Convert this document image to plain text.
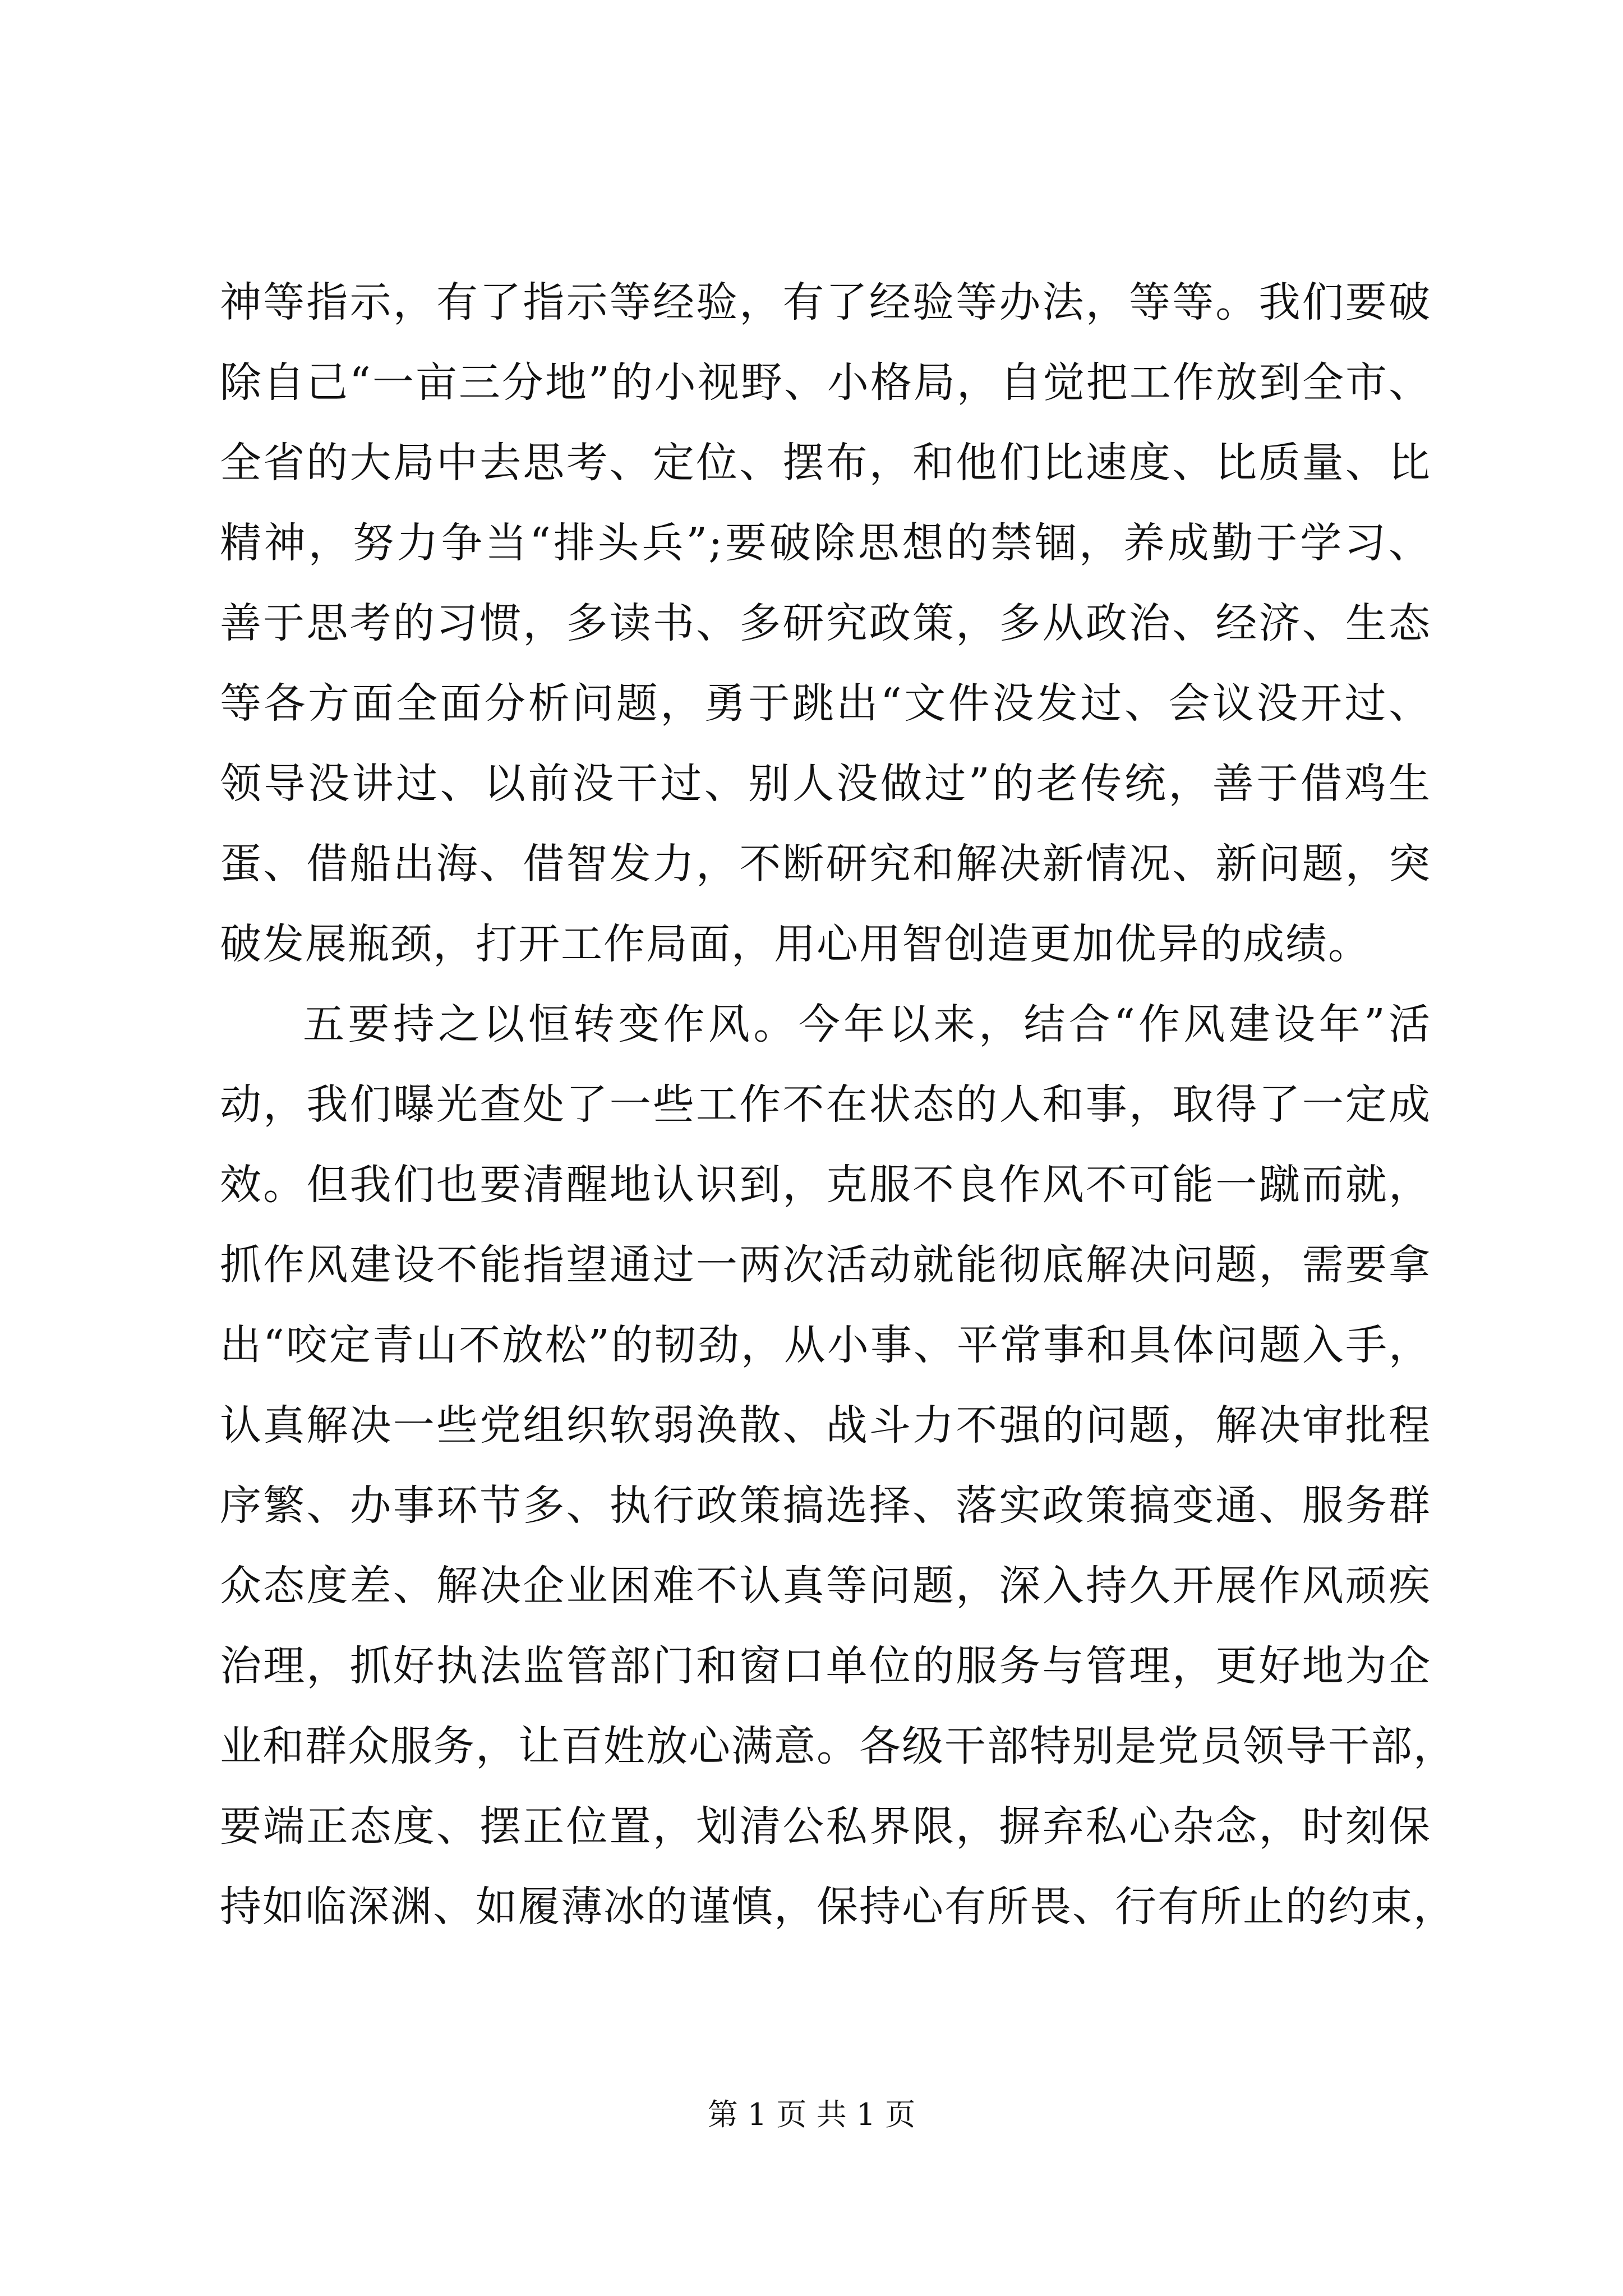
神等指示，有了指示等经验，有了经验等办法，等等。我们要破
除自己“一亩三分地”的小视野、小格局，自觉把工作放到全市、
全省的大局中去思考、定位、摆布，和他们比速度、比质量、比
精神，努力争当“排头兵”;要破除思想的禁锢，养成勤于学习、
善于思考的习惯，多读书、多研究政策，多从政治、经济、生态
等各方面全面分析问题，勇于跳出“文件没发过、会议没开过、
领导没讲过、以前没干过、别人没做过”的老传统，善于借鸡生
蛋、借船出海、借智发力，不断研究和解决新情况、新问题，突
破发展瓶颈，打开工作局面，用心用智创造更加优异的成绩。
五要持之以恒转变作风。今年以来，结合“作风建设年”活
动，我们曝光查处了一些工作不在状态的人和事，取得了一定成
效。但我们也要清醒地认识到，克服不良作风不可能一蹴而就，
抓作风建设不能指望通过一两次活动就能彻底解决问题，需要拿
出“咬定青山不放松”的韧劲，从小事、平常事和具体问题入手，
认真解决一些党组织软弱涣散、战斗力不强的问题，解决审批程
序繁、办事环节多、执行政策搞选择、落实政策搞变通、服务群
众态度差、解决企业困难不认真等问题，深入持久开展作风顽疾
治理，抓好执法监管部门和窗口单位的服务与管理，更好地为企
业和群众服务，让百姓放心满意。各级干部特别是党员领导干部，
要端正态度、摆正位置，划清公私界限，摒弃私心杂念，时刻保
持如临深渊、如履薄冰的谨慎，保持心有所畏、行有所止的约束，
第 1 页 共 1 页
